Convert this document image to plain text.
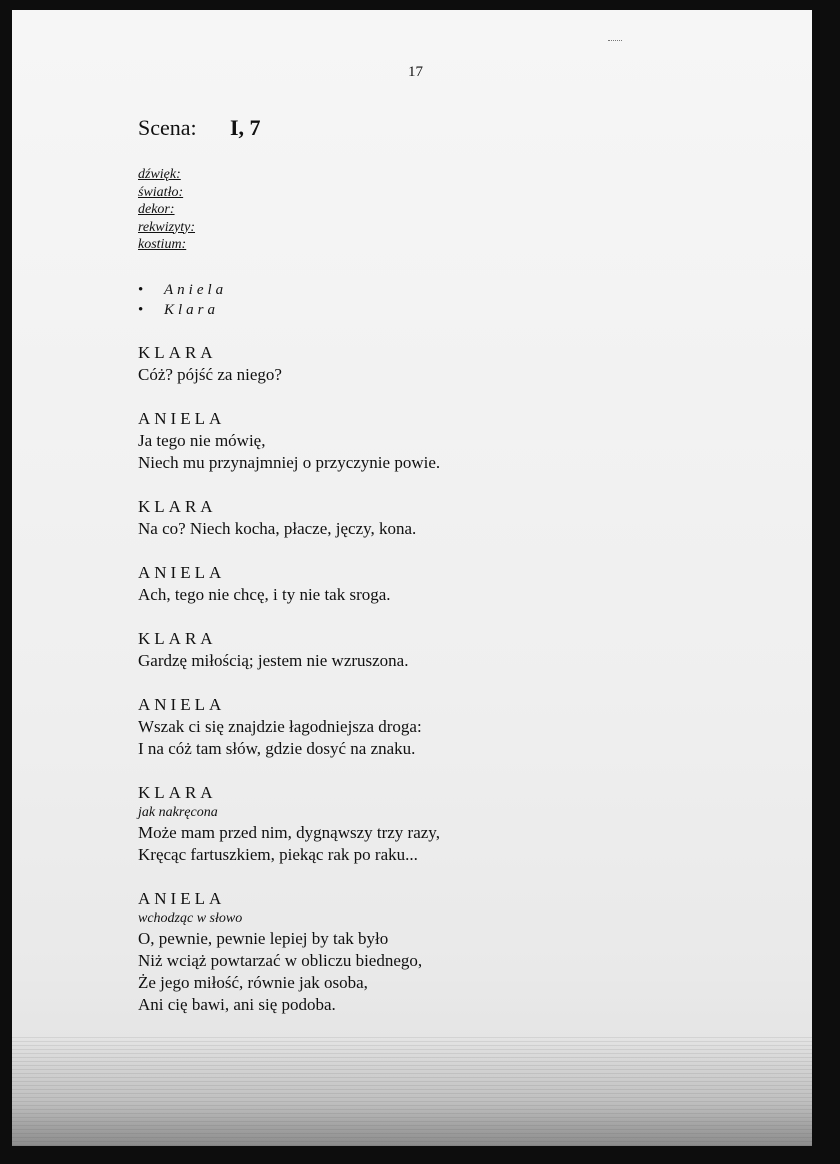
17
Scena: I, 7
dźwięk:
światło:
dekor:
rekwizyty:
kostium:
• Aniela
• Klara
KLARA
Cóż? pójść za niego?
ANIELA
Ja tego nie mówię,
Niech mu przynajmniej o przyczynie powie.
KLARA
Na co? Niech kocha, płacze, jęczy, kona.
ANIELA
Ach, tego nie chcę, i ty nie tak sroga.
KLARA
Gardzę miłością; jestem nie wzruszona.
ANIELA
Wszak ci się znajdzie łagodniejsza droga:
I na cóż tam słów, gdzie dosyć na znaku.
KLARA
jak nakręcona
Może mam przed nim, dygnąwszy trzy razy,
Kręcąc fartuszkiem, piekąc rak po raku...
ANIELA
wchodząc w słowo
O, pewnie, pewnie lepiej by tak było
Niż wciąż powtarzać w obliczu biednego,
Że jego miłość, równie jak osoba,
Ani cię bawi, ani się podoba.
